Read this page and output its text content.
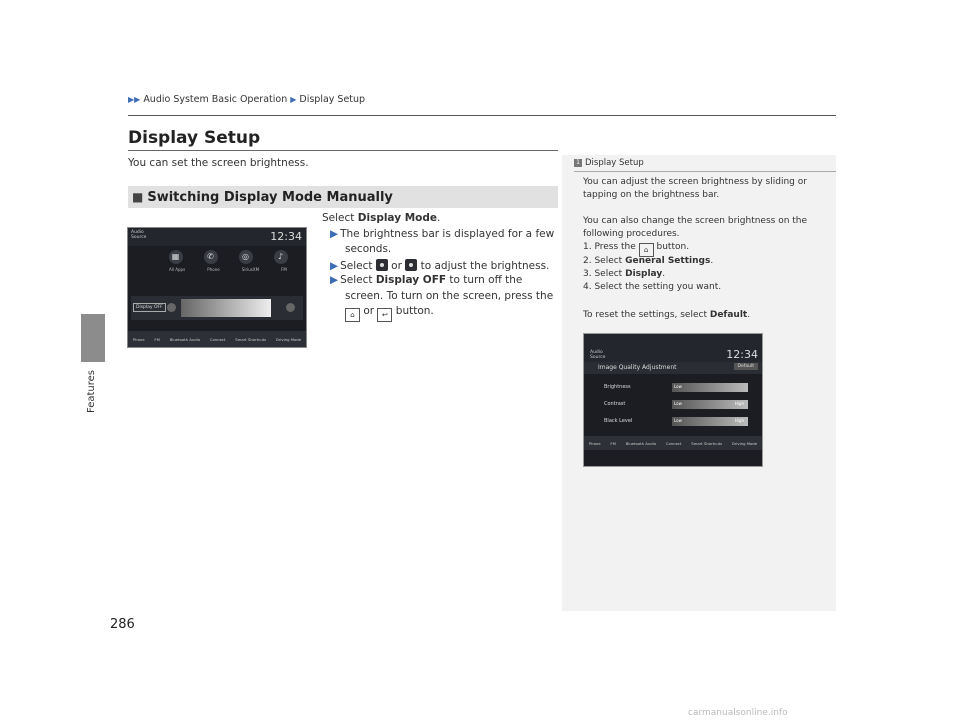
Features
▶▶ Audio System Basic Operation ▶ Display Setup
Display Setup
You can set the screen brightness.
■ Switching Display Mode Manually
Audio
Source	12:34
▦	✆	◎	♪
All Apps	Phone	SiriusXM	FM
Display OFF
Phone	FM	Bluetooth Audio	Connect	Smart Shortcuts	Driving Mode
Select Display Mode.
▶ The brightness bar is displayed for a few
seconds.
▶ Select or to adjust the brightness.
▶ Select Display OFF to turn off the
screen. To turn on the screen, press the
⌂ or ↩ button.
1 Display Setup
You can adjust the screen brightness by sliding or
tapping on the brightness bar.
You can also change the screen brightness on the
following procedures.
1. Press the ⌂ button.
2. Select General Settings.
3. Select Display.
4. Select the setting you want.
To reset the settings, select Default.
Audio
Source	12:34
Image Quality Adjustment	Default
Brightness	Low
Contrast	Low	High
Black Level	Low	High
Phone	FM	Bluetooth Audio	Connect	Smart Shortcuts	Driving Mode
286
carmanualsonline.info
